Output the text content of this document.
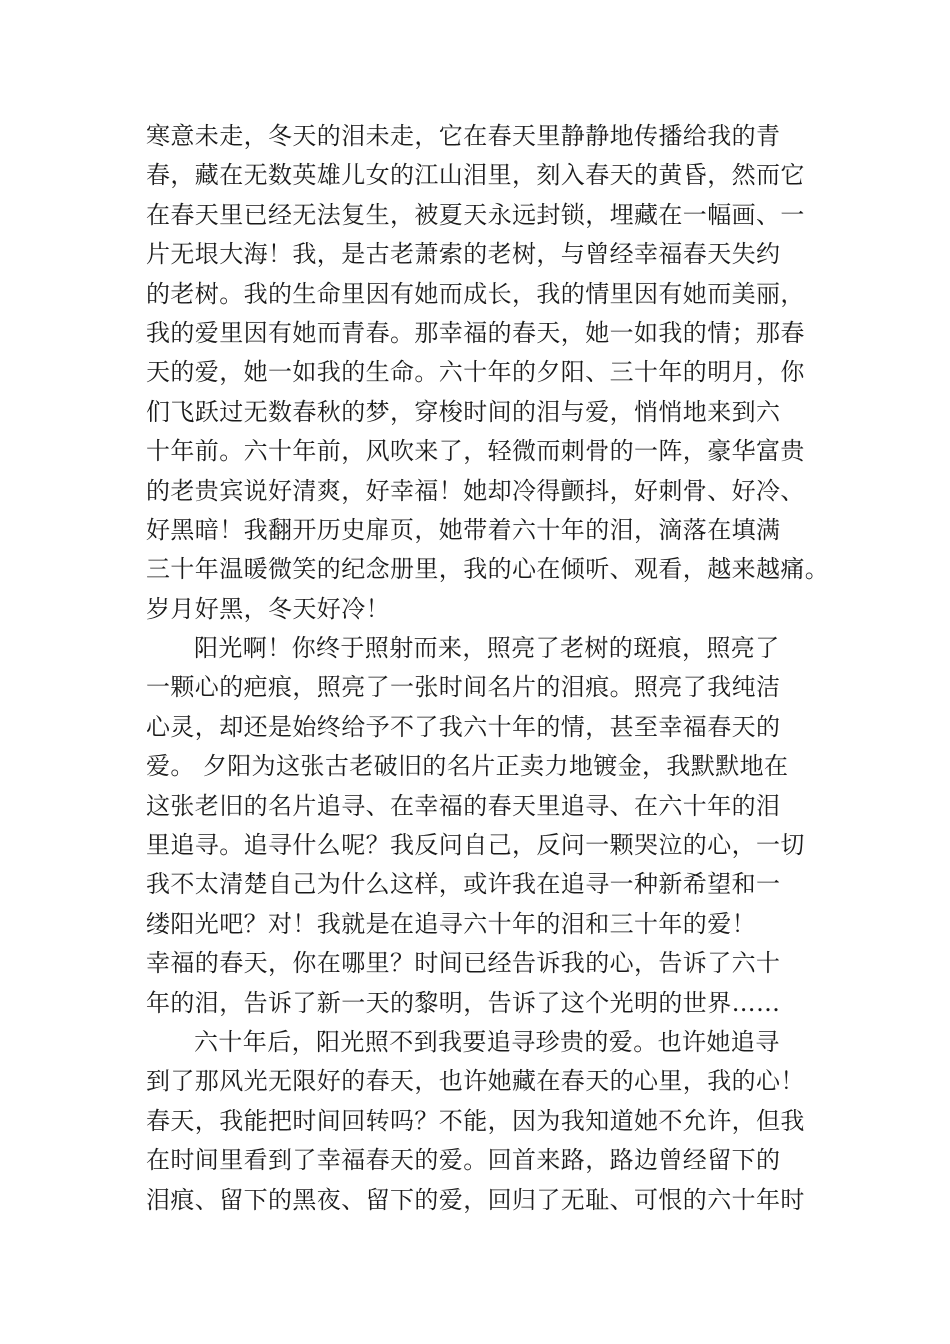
寒意未走，冬天的泪未走，它在春天里静静地传播给我的青
春，藏在无数英雄儿女的江山泪里，刻入春天的黄昏，然而它
在春天里已经无法复生，被夏天永远封锁，埋藏在一幅画、一
片无垠大海！我，是古老萧索的老树，与曾经幸福春天失约
的老树。我的生命里因有她而成长，我的情里因有她而美丽，
我的爱里因有她而青春。那幸福的春天，她一如我的情；那春
天的爱，她一如我的生命。六十年的夕阳、三十年的明月，你
们飞跃过无数春秋的梦，穿梭时间的泪与爱，悄悄地来到六
十年前。六十年前，风吹来了，轻微而刺骨的一阵，豪华富贵
的老贵宾说好清爽，好幸福！她却冷得颤抖，好刺骨、好冷、
好黑暗！我翻开历史扉页，她带着六十年的泪，滴落在填满
三十年温暖微笑的纪念册里，我的心在倾听、观看，越来越痛。
岁月好黑，冬天好冷！
阳光啊！你终于照射而来，照亮了老树的斑痕，照亮了
一颗心的疤痕，照亮了一张时间名片的泪痕。照亮了我纯洁
心灵，却还是始终给予不了我六十年的情，甚至幸福春天的
爱。 夕阳为这张古老破旧的名片正卖力地镀金，我默默地在
这张老旧的名片追寻、在幸福的春天里追寻、在六十年的泪
里追寻。追寻什么呢？我反问自己，反问一颗哭泣的心，一切
我不太清楚自己为什么这样，或许我在追寻一种新希望和一
缕阳光吧？对！我就是在追寻六十年的泪和三十年的爱！
幸福的春天，你在哪里？时间已经告诉我的心，告诉了六十
年的泪，告诉了新一天的黎明，告诉了这个光明的世界……
六十年后，阳光照不到我要追寻珍贵的爱。也许她追寻
到了那风光无限好的春天，也许她藏在春天的心里，我的心！
春天，我能把时间回转吗？不能，因为我知道她不允许，但我
在时间里看到了幸福春天的爱。回首来路，路边曾经留下的
泪痕、留下的黑夜、留下的爱，回归了无耻、可恨的六十年时
